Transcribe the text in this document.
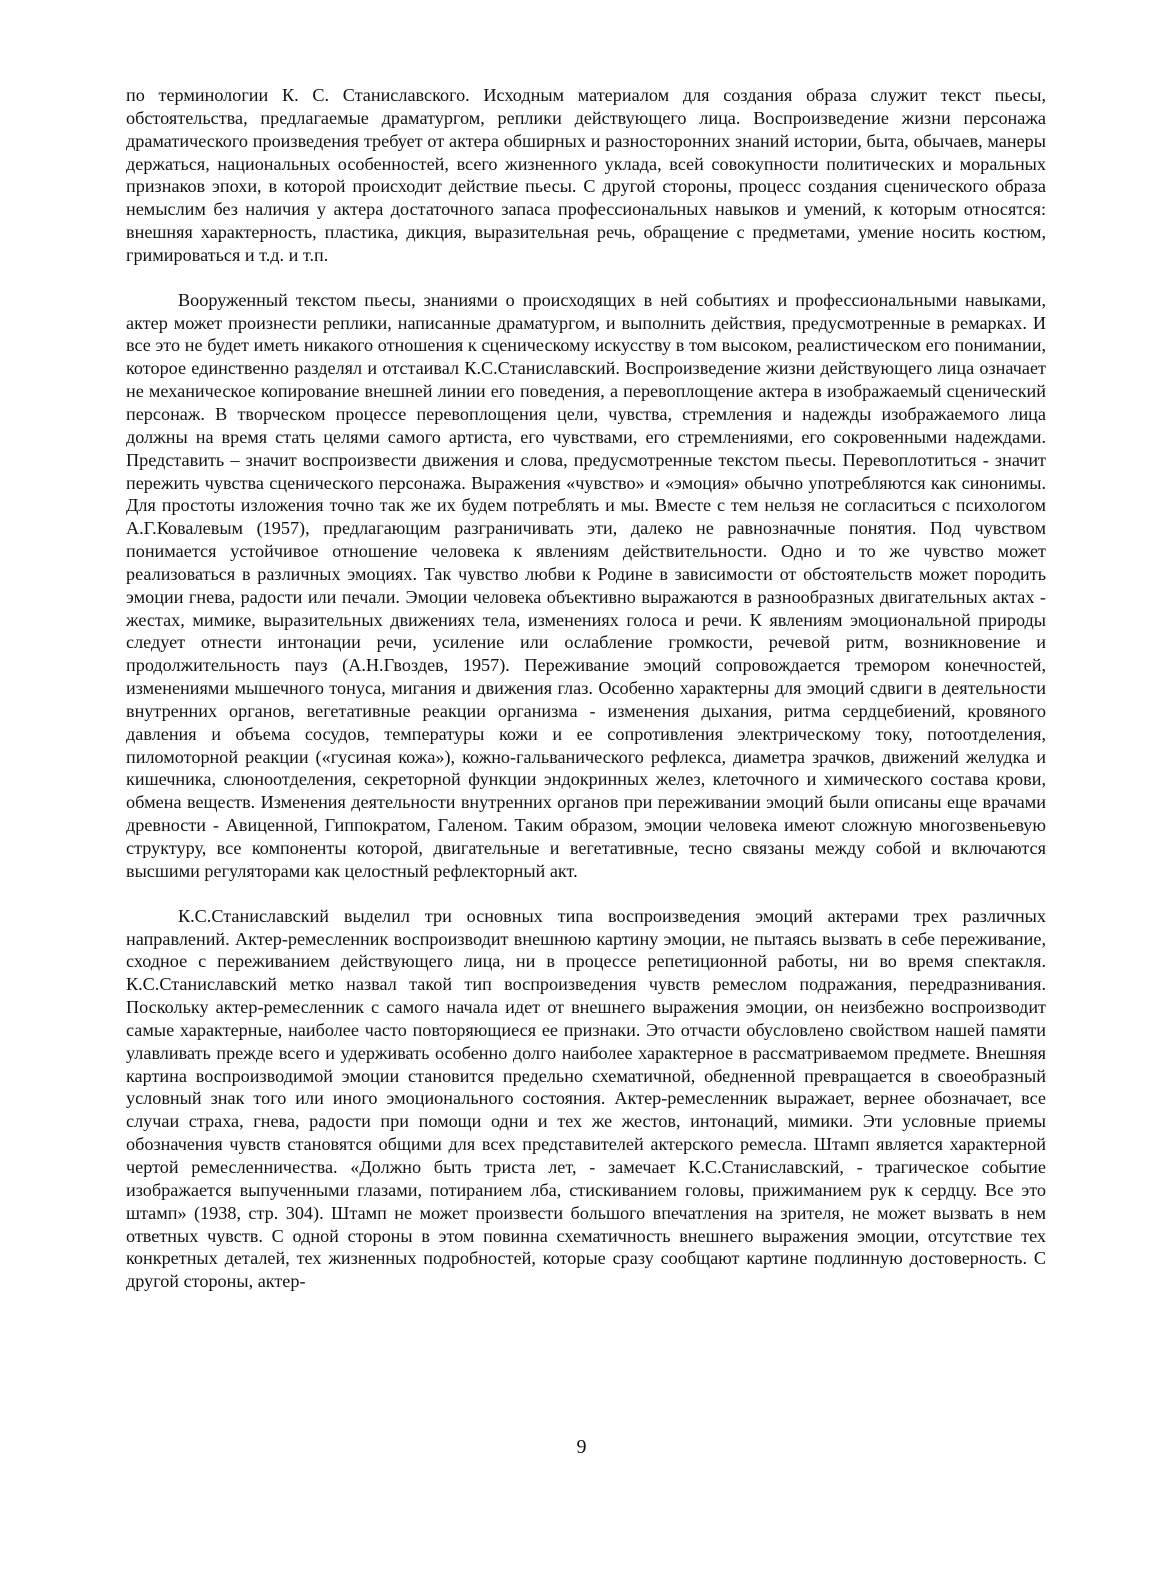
по терминологии К. С. Станиславского. Исходным материалом для создания образа служит текст пьесы, обстоятельства, предлагаемые драматургом, реплики действующего лица. Воспроизведение жизни персонажа драматического произведения требует от актера обширных и разносторонних знаний истории, быта, обычаев, манеры держаться, национальных особенностей, всего жизненного уклада, всей совокупности политических и моральных признаков эпохи, в которой происходит действие пьесы. С другой стороны, процесс создания сценического образа немыслим без наличия у актера достаточного запаса профессиональных навыков и умений, к которым относятся: внешняя характерность, пластика, дикция, выразительная речь, обращение с предметами, умение носить костюм, гримироваться и т.д. и т.п.

Вооруженный текстом пьесы, знаниями о происходящих в ней событиях и профессиональными навыками, актер может произнести реплики, написанные драматургом, и выполнить действия, предусмотренные в ремарках. И все это не будет иметь никакого отношения к сценическому искусству в том высоком, реалистическом его понимании, которое единственно разделял и отстаивал К.С.Станиславский. Воспроизведение жизни действующего лица означает не механическое копирование внешней линии его поведения, а перевоплощение актера в изображаемый сценический персонаж. В творческом процессе перевоплощения цели, чувства, стремления и надежды изображаемого лица должны на время стать целями самого артиста, его чувствами, его стремлениями, его сокровенными надеждами. Представить – значит воспроизвести движения и слова, предусмотренные текстом пьесы. Перевоплотиться - значит пережить чувства сценического персонажа. Выражения «чувство» и «эмоция» обычно употребляются как синонимы. Для простоты изложения точно так же их будем потреблять и мы. Вместе с тем нельзя не согласиться с психологом А.Г.Ковалевым (1957), предлагающим разграничивать эти, далеко не равнозначные понятия. Под чувством понимается устойчивое отношение человека к явлениям действительности. Одно и то же чувство может реализоваться в различных эмоциях. Так чувство любви к Родине в зависимости от обстоятельств может породить эмоции гнева, радости или печали. Эмоции человека объективно выражаются в разнообразных двигательных актах - жестах, мимике, выразительных движениях тела, изменениях голоса и речи. К явлениям эмоциональной природы следует отнести интонации речи, усиление или ослабление громкости, речевой ритм, возникновение и продолжительность пауз (А.Н.Гвоздев, 1957). Переживание эмоций сопровождается тремором конечностей, изменениями мышечного тонуса, мигания и движения глаз. Особенно характерны для эмоций сдвиги в деятельности внутренних органов, вегетативные реакции организма - изменения дыхания, ритма сердцебиений, кровяного давления и объема сосудов, температуры кожи и ее сопротивления электрическому току, потоотделения, пиломоторной реакции («гусиная кожа»), кожно-гальванического рефлекса, диаметра зрачков, движений желудка и кишечника, слюноотделения, секреторной функции эндокринных желез, клеточного и химического состава крови, обмена веществ. Изменения деятельности внутренних органов при переживании эмоций были описаны еще врачами древности - Авиценной, Гиппократом, Галеном. Таким образом, эмоции человека имеют сложную многозвеньевую структуру, все компоненты которой, двигательные и вегетативные, тесно связаны между собой и включаются высшими регуляторами как целостный рефлекторный акт.

К.С.Станиславский выделил три основных типа воспроизведения эмоций актерами трех различных направлений. Актер-ремесленник воспроизводит внешнюю картину эмоции, не пытаясь вызвать в себе переживание, сходное с переживанием действующего лица, ни в процессе репетиционной работы, ни во время спектакля. К.С.Станиславский метко назвал такой тип воспроизведения чувств ремеслом подражания, передразнивания. Поскольку актер-ремесленник с самого начала идет от внешнего выражения эмоции, он неизбежно воспроизводит самые характерные, наиболее часто повторяющиеся ее признаки. Это отчасти обусловлено свойством нашей памяти улавливать прежде всего и удерживать особенно долго наиболее характерное в рассматриваемом предмете. Внешняя картина воспроизводимой эмоции становится предельно схематичной, обедненной превращается в своеобразный условный знак того или иного эмоционального состояния. Актер-ремесленник выражает, вернее обозначает, все случаи страха, гнева, радости при помощи одни и тех же жестов, интонаций, мимики. Эти условные приемы обозначения чувств становятся общими для всех представителей актерского ремесла. Штамп является характерной чертой ремесленничества. «Должно быть триста лет, - замечает К.С.Станиславский, - трагическое событие изображается выпученными глазами, потиранием лба, стискиванием головы, прижиманием рук к сердцу. Все это штамп» (1938, стр. 304). Штамп не может произвести большого впечатления на зрителя, не может вызвать в нем ответных чувств. С одной стороны в этом повинна схематичность внешнего выражения эмоции, отсутствие тех конкретных деталей, тех жизненных подробностей, которые сразу сообщают картине подлинную достоверность. С другой стороны, актер-

9
